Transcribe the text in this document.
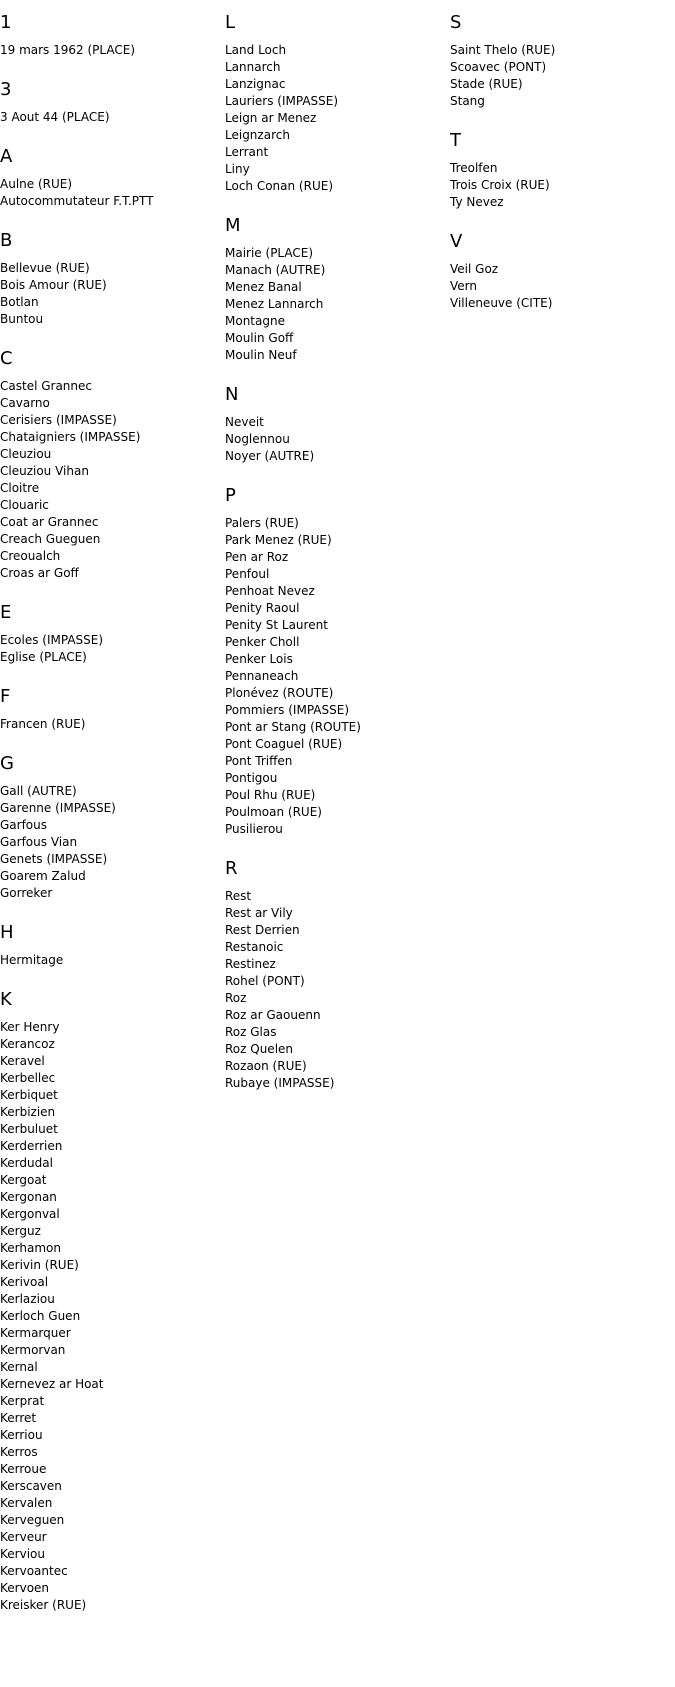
1
19 mars 1962 (PLACE)
3
3 Aout 44 (PLACE)
A
Aulne (RUE)
Autocommutateur F.T.PTT
B
Bellevue (RUE)
Bois Amour (RUE)
Botlan
Buntou
C
Castel Grannec
Cavarno
Cerisiers (IMPASSE)
Chataigniers (IMPASSE)
Cleuziou
Cleuziou Vihan
Cloitre
Clouaric
Coat ar Grannec
Creach Gueguen
Creoualch
Croas ar Goff
E
Ecoles (IMPASSE)
Eglise (PLACE)
F
Francen (RUE)
G
Gall (AUTRE)
Garenne (IMPASSE)
Garfous
Garfous Vian
Genets (IMPASSE)
Goarem Zalud
Gorreker
H
Hermitage
K
Ker Henry
Kerancoz
Keravel
Kerbellec
Kerbiquet
Kerbizien
Kerbuluet
Kerderrien
Kerdudal
Kergoat
Kergonan
Kergonval
Kerguz
Kerhamon
Kerivin (RUE)
Kerivoal
Kerlaziou
Kerloch Guen
Kermarquer
Kermorvan
Kernal
Kernevez ar Hoat
Kerprat
Kerret
Kerriou
Kerros
Kerroue
Kerscaven
Kervalen
Kerveguen
Kerveur
Kerviou
Kervoantec
Kervoen
Kreisker (RUE)
L
Land Loch
Lannarch
Lanzignac
Lauriers (IMPASSE)
Leign ar Menez
Leignzarch
Lerrant
Liny
Loch Conan (RUE)
M
Mairie (PLACE)
Manach (AUTRE)
Menez Banal
Menez Lannarch
Montagne
Moulin Goff
Moulin Neuf
N
Neveit
Noglennou
Noyer (AUTRE)
P
Palers (RUE)
Park Menez (RUE)
Pen ar Roz
Penfoul
Penhoat Nevez
Penity Raoul
Penity St Laurent
Penker Choll
Penker Lois
Pennaneach
Plonévez (ROUTE)
Pommiers (IMPASSE)
Pont ar Stang (ROUTE)
Pont Coaguel (RUE)
Pont Triffen
Pontigou
Poul Rhu (RUE)
Poulmoan (RUE)
Pusilierou
R
Rest
Rest ar Vily
Rest Derrien
Restanoic
Restinez
Rohel (PONT)
Roz
Roz ar Gaouenn
Roz Glas
Roz Quelen
Rozaon (RUE)
Rubaye (IMPASSE)
S
Saint Thelo (RUE)
Scoavec (PONT)
Stade (RUE)
Stang
T
Treolfen
Trois Croix (RUE)
Ty Nevez
V
Veil Goz
Vern
Villeneuve (CITE)
